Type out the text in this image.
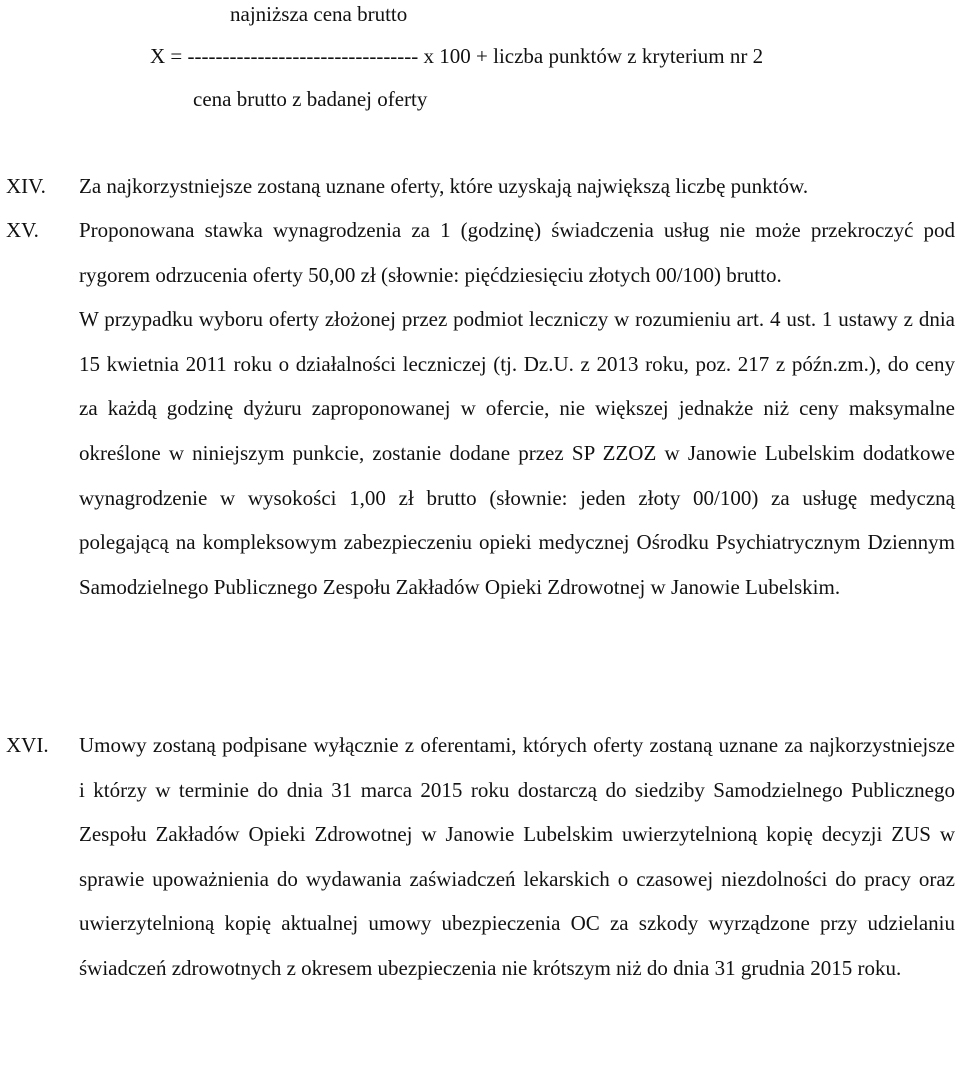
najniższa cena brutto
X = --------------------------------- x 100 + liczba punktów z kryterium nr 2
cena brutto z badanej oferty
XIV. Za najkorzystniejsze zostaną uznane oferty, które uzyskają największą liczbę punktów.

XV. Proponowana stawka wynagrodzenia za 1 (godzinę) świadczenia usług nie może przekroczyć pod rygorem odrzucenia oferty 50,00 zł (słownie: pięćdziesięciu złotych 00/100) brutto.

W przypadku wyboru oferty złożonej przez podmiot leczniczy w rozumieniu art. 4 ust. 1 ustawy z dnia 15 kwietnia 2011 roku o działalności leczniczej (tj. Dz.U. z 2013 roku, poz. 217 z późn.zm.), do ceny za każdą godzinę dyżuru zaproponowanej w ofercie, nie większej jednakże niż ceny maksymalne określone w niniejszym punkcie, zostanie dodane przez SP ZZOZ w Janowie Lubelskim dodatkowe wynagrodzenie w wysokości 1,00 zł brutto (słownie: jeden złoty 00/100) za usługę medyczną polegającą na kompleksowym zabezpieczeniu opieki medycznej Ośrodku Psychiatrycznym Dziennym Samodzielnego Publicznego Zespołu Zakładów Opieki Zdrowotnej w Janowie Lubelskim.

XVI. Umowy zostaną podpisane wyłącznie z oferentami, których oferty zostaną uznane za najkorzystniejsze i którzy w terminie do dnia 31 marca 2015 roku dostarczą do siedziby Samodzielnego Publicznego Zespołu Zakładów Opieki Zdrowotnej w Janowie Lubelskim uwierzytelnioną kopię decyzji ZUS w sprawie upoważnienia do wydawania zaświadczeń lekarskich o czasowej niezdolności do pracy oraz uwierzytelnioną kopię aktualnej umowy ubezpieczenia OC za szkody wyrządzone przy udzielaniu świadczeń zdrowotnych z okresem ubezpieczenia nie krótszym niż do dnia 31 grudnia 2015 roku.
